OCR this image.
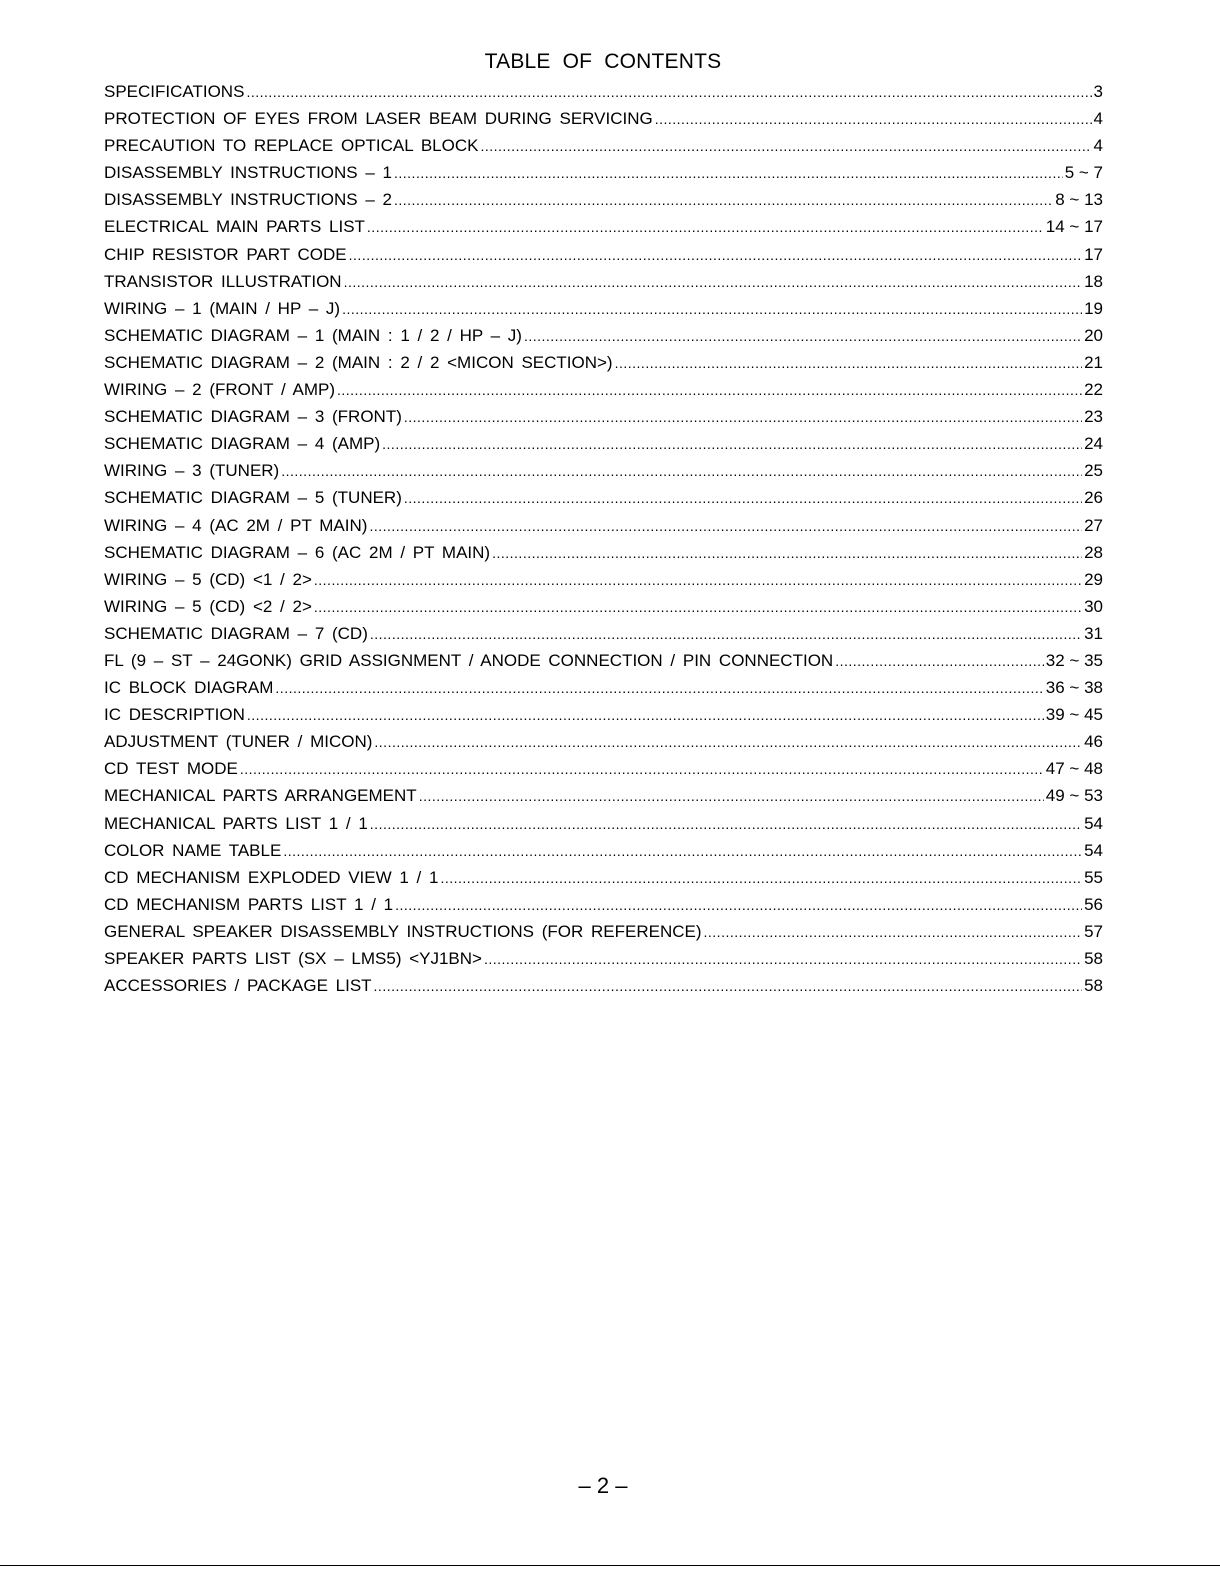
TABLE OF CONTENTS
SPECIFICATIONS .....	3
PROTECTION OF EYES FROM LASER BEAM DURING SERVICING .....	4
PRECAUTION TO REPLACE OPTICAL BLOCK .....	4
DISASSEMBLY INSTRUCTIONS – 1 .....	5 ~ 7
DISASSEMBLY INSTRUCTIONS – 2 .....	8 ~ 13
ELECTRICAL MAIN PARTS LIST .....	14 ~ 17
CHIP RESISTOR PART CODE .....	17
TRANSISTOR ILLUSTRATION .....	18
WIRING – 1 (MAIN / HP – J) .....	19
SCHEMATIC DIAGRAM – 1 (MAIN : 1 / 2 / HP – J) .....	20
SCHEMATIC DIAGRAM – 2 (MAIN : 2 / 2 <MICON SECTION>) .....	21
WIRING – 2 (FRONT / AMP) .....	22
SCHEMATIC DIAGRAM – 3 (FRONT) .....	23
SCHEMATIC DIAGRAM – 4 (AMP) .....	24
WIRING – 3 (TUNER) .....	25
SCHEMATIC DIAGRAM – 5 (TUNER) .....	26
WIRING – 4 (AC 2M / PT MAIN) .....	27
SCHEMATIC DIAGRAM – 6 (AC 2M / PT MAIN) .....	28
WIRING – 5 (CD) <1 / 2> .....	29
WIRING – 5 (CD) <2 / 2> .....	30
SCHEMATIC DIAGRAM – 7 (CD) .....	31
FL (9 – ST – 24GONK) GRID ASSIGNMENT / ANODE CONNECTION / PIN CONNECTION .....	32 ~ 35
IC BLOCK DIAGRAM .....	36 ~ 38
IC DESCRIPTION .....	39 ~ 45
ADJUSTMENT (TUNER / MICON) .....	46
CD TEST MODE .....	47 ~ 48
MECHANICAL PARTS ARRANGEMENT .....	49 ~ 53
MECHANICAL PARTS LIST 1 / 1 .....	54
COLOR NAME TABLE .....	54
CD MECHANISM EXPLODED VIEW 1 / 1 .....	55
CD MECHANISM PARTS LIST 1 / 1 .....	56
GENERAL SPEAKER DISASSEMBLY INSTRUCTIONS (FOR REFERENCE) .....	57
SPEAKER PARTS LIST (SX – LMS5) <YJ1BN> .....	58
ACCESSORIES / PACKAGE LIST .....	58
– 2 –
